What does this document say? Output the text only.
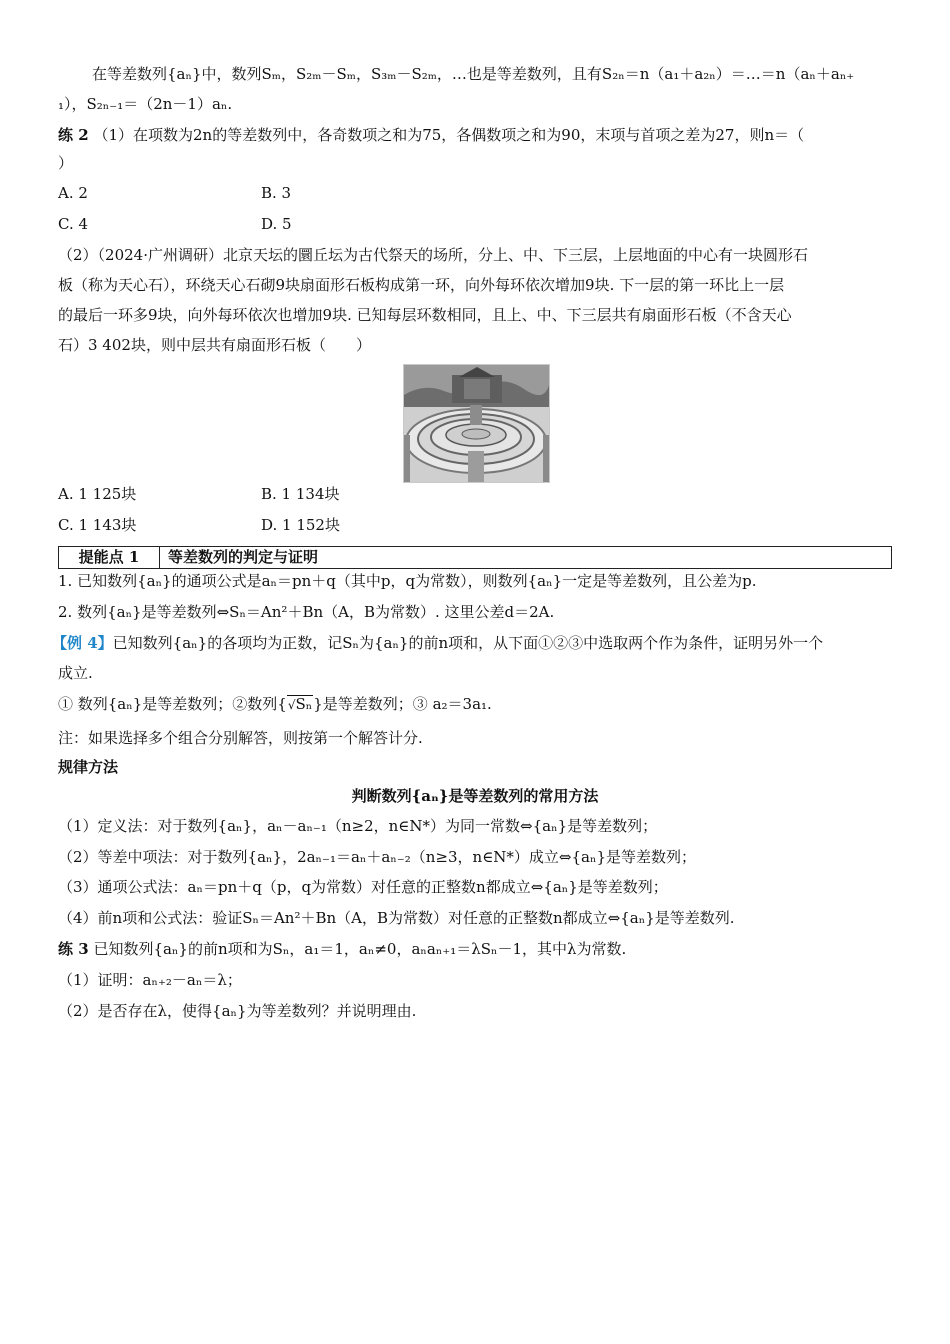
在等差数列{aₙ}中，数列Sₘ，S₂ₘ－Sₘ，S₃ₘ－S₂ₘ，…也是等差数列，且有S₂ₙ＝n（a₁＋a₂ₙ）＝…＝n（aₙ＋aₙ₊
₁），S₂ₙ₋₁＝（2n－1）aₙ.
练 2 （1）在项数为2n的等差数列中，各奇数项之和为75，各偶数项之和为90，末项与首项之差为27，则n＝（
）
A. 2	B. 3
C. 4	D. 5
（2）（2024·广州调研）北京天坛的圜丘坛为古代祭天的场所，分上、中、下三层，上层地面的中心有一块圆形石
板（称为天心石），环绕天心石砌9块扇面形石板构成第一环，向外每环依次增加9块. 下一层的第一环比上一层
的最后一环多9块，向外每环依次也增加9块. 已知每层环数相同，且上、中、下三层共有扇面形石板（不含天心
石）3 402块，则中层共有扇面形石板（　　）
A. 1 125块	B. 1 134块
C. 1 143块	D. 1 152块
提能点 1	等差数列的判定与证明
1. 已知数列{aₙ}的通项公式是aₙ＝pn＋q（其中p，q为常数），则数列{aₙ}一定是等差数列，且公差为p.
2. 数列{aₙ}是等差数列⇔Sₙ＝An²＋Bn（A，B为常数）. 这里公差d＝2A.
【例 4】已知数列{aₙ}的各项均为正数，记Sₙ为{aₙ}的前n项和，从下面①②③中选取两个作为条件，证明另外一个
成立.
① 数列{aₙ}是等差数列；②数列{√Sₙ}是等差数列；③ a₂＝3a₁.
注：如果选择多个组合分别解答，则按第一个解答计分.
规律方法
判断数列{aₙ}是等差数列的常用方法
（1）定义法：对于数列{aₙ}，aₙ－aₙ₋₁（n≥2，n∈N*）为同一常数⇔{aₙ}是等差数列；
（2）等差中项法：对于数列{aₙ}，2aₙ₋₁＝aₙ＋aₙ₋₂（n≥3，n∈N*）成立⇔{aₙ}是等差数列；
（3）通项公式法：aₙ＝pn＋q（p，q为常数）对任意的正整数n都成立⇔{aₙ}是等差数列；
（4）前n项和公式法：验证Sₙ＝An²＋Bn（A，B为常数）对任意的正整数n都成立⇔{aₙ}是等差数列.
练 3 已知数列{aₙ}的前n项和为Sₙ，a₁＝1，aₙ≠0，aₙaₙ₊₁＝λSₙ－1，其中λ为常数.
（1）证明：aₙ₊₂－aₙ＝λ；
（2）是否存在λ，使得{aₙ}为等差数列？并说明理由.
